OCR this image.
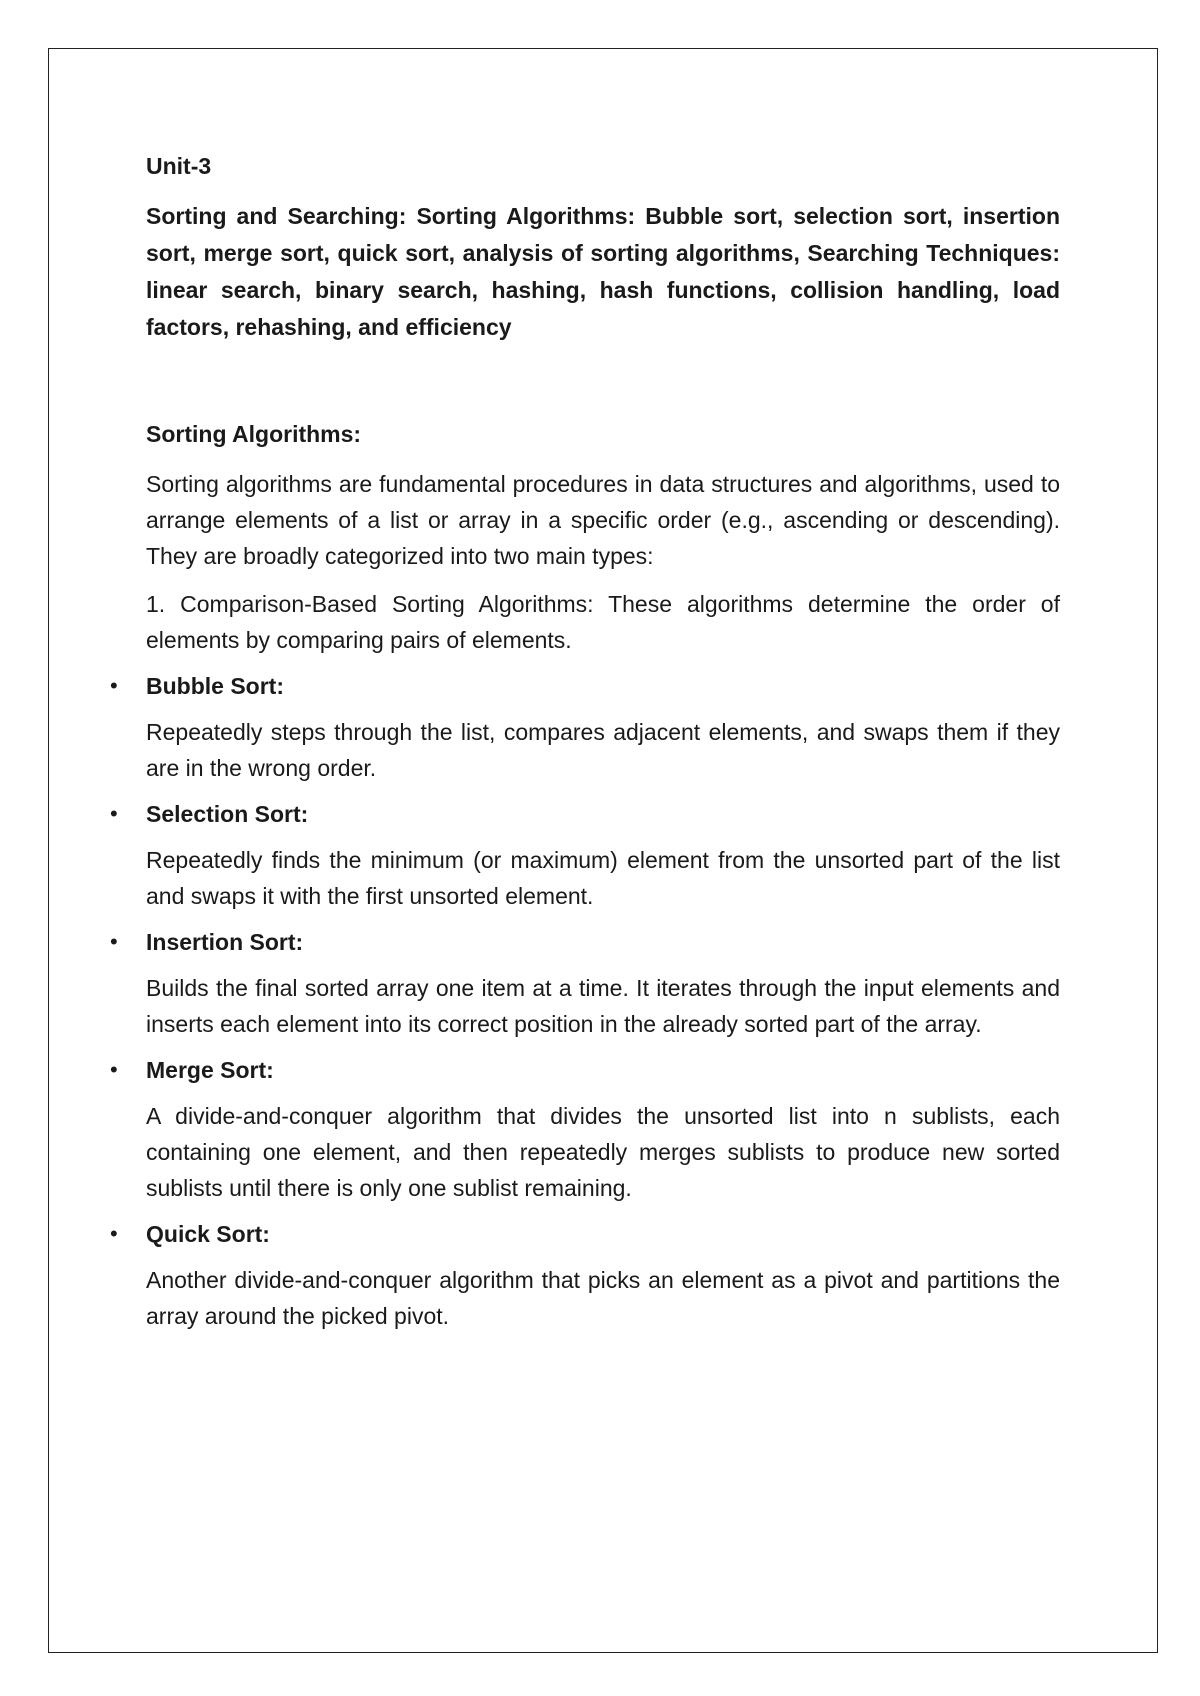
Unit-3

Sorting and Searching: Sorting Algorithms: Bubble sort, selection sort, insertion sort, merge sort, quick sort, analysis of sorting algorithms, Searching Techniques: linear search, binary search, hashing, hash functions, collision handling, load factors, rehashing, and efficiency

Sorting Algorithms:

Sorting algorithms are fundamental procedures in data structures and algorithms, used to arrange elements of a list or array in a specific order (e.g., ascending or descending). They are broadly categorized into two main types:

1. Comparison-Based Sorting Algorithms: These algorithms determine the order of elements by comparing pairs of elements.

• Bubble Sort:

Repeatedly steps through the list, compares adjacent elements, and swaps them if they are in the wrong order.

• Selection Sort:

Repeatedly finds the minimum (or maximum) element from the unsorted part of the list and swaps it with the first unsorted element.

• Insertion Sort:

Builds the final sorted array one item at a time. It iterates through the input elements and inserts each element into its correct position in the already sorted part of the array.

• Merge Sort:

A divide-and-conquer algorithm that divides the unsorted list into n sublists, each containing one element, and then repeatedly merges sublists to produce new sorted sublists until there is only one sublist remaining.

• Quick Sort:

Another divide-and-conquer algorithm that picks an element as a pivot and partitions the array around the picked pivot.
